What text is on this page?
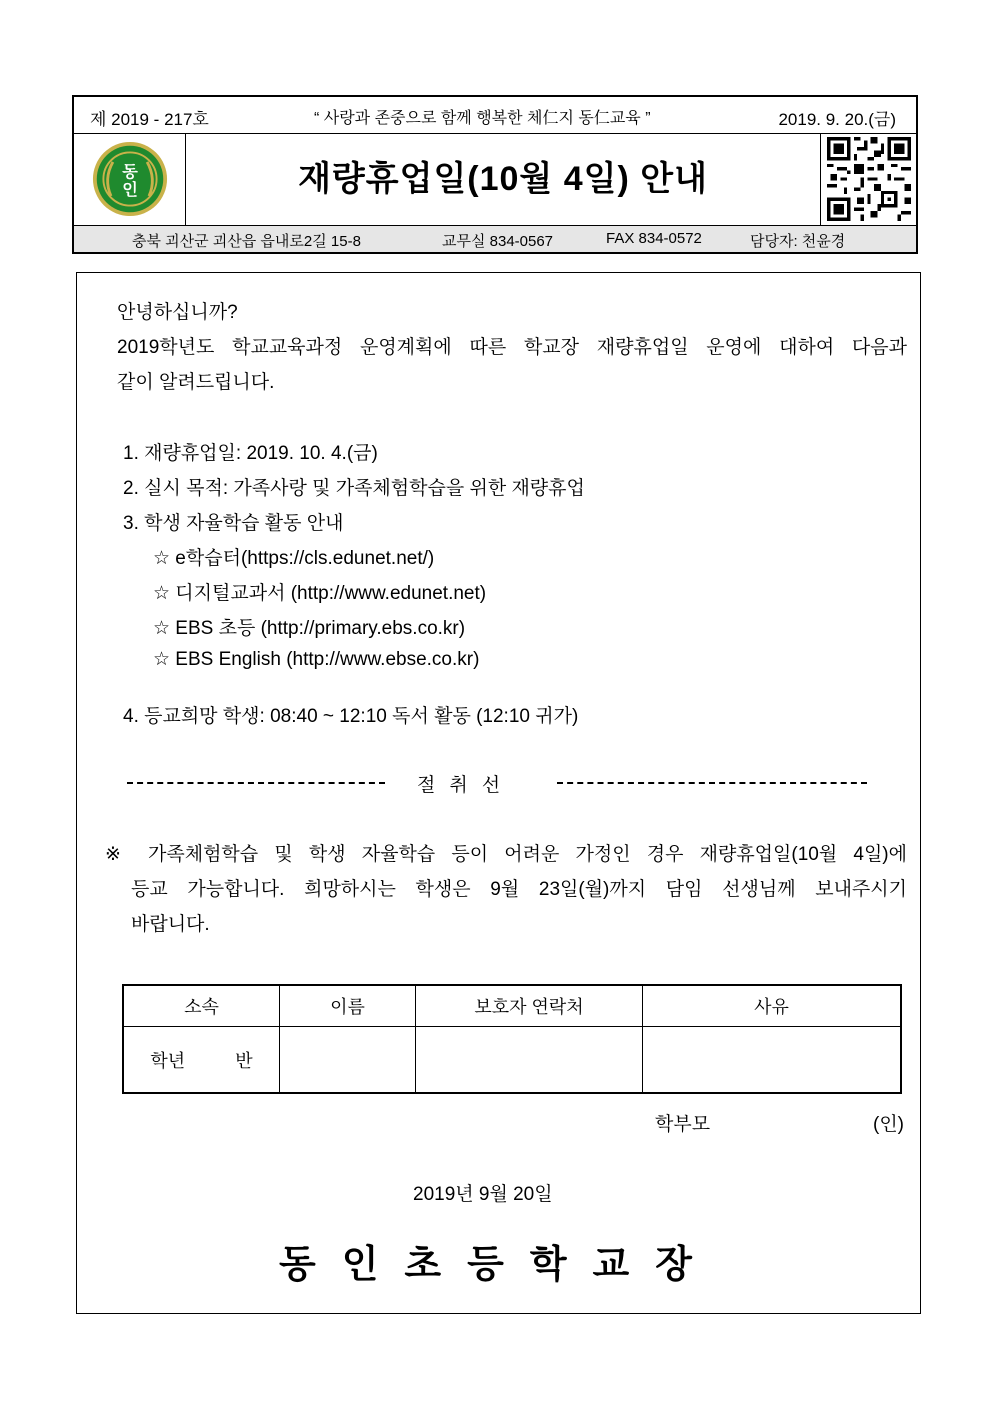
제 2019 - 217호	“ 사랑과 존중으로 함께 행복한 체仁지 동仁교육 ”	2019. 9. 20.(금)
동
인	재량휴업일(10월 4일) 안내
충북 괴산군 괴산읍 읍내로2길 15-8	교무실 834-0567	FAX 834-0572	담당자: 천윤경
안녕하십니까?
2019학년도 학교교육과정 운영계획에 따른 학교장 재량휴업일 운영에 대하여 다음과
같이 알려드립니다.
1. 재량휴업일: 2019. 10. 4.(금)
2. 실시 목적: 가족사랑 및 가족체험학습을 위한 재량휴업
3. 학생 자율학습 활동 안내
☆ e학습터(https://cls.edunet.net/)
☆ 디지털교과서 (http://www.edunet.net)
☆ EBS 초등 (http://primary.ebs.co.kr)
☆ EBS English (http://www.ebse.co.kr)
4. 등교희망 학생: 08:40 ~ 12:10 독서 활동 (12:10 귀가)
절취선
※ 가족체험학습 및 학생 자율학습 등이 어려운 가정인 경우 재량휴업일(10월 4일)에
등교 가능합니다. 희망하시는 학생은 9월 23일(월)까지 담임 선생님께 보내주시기
바랍니다.
소속	이름	보호자 연락처	사유
학년 반			
학부모	(인)
2019년 9월 20일
동인초등학교장
